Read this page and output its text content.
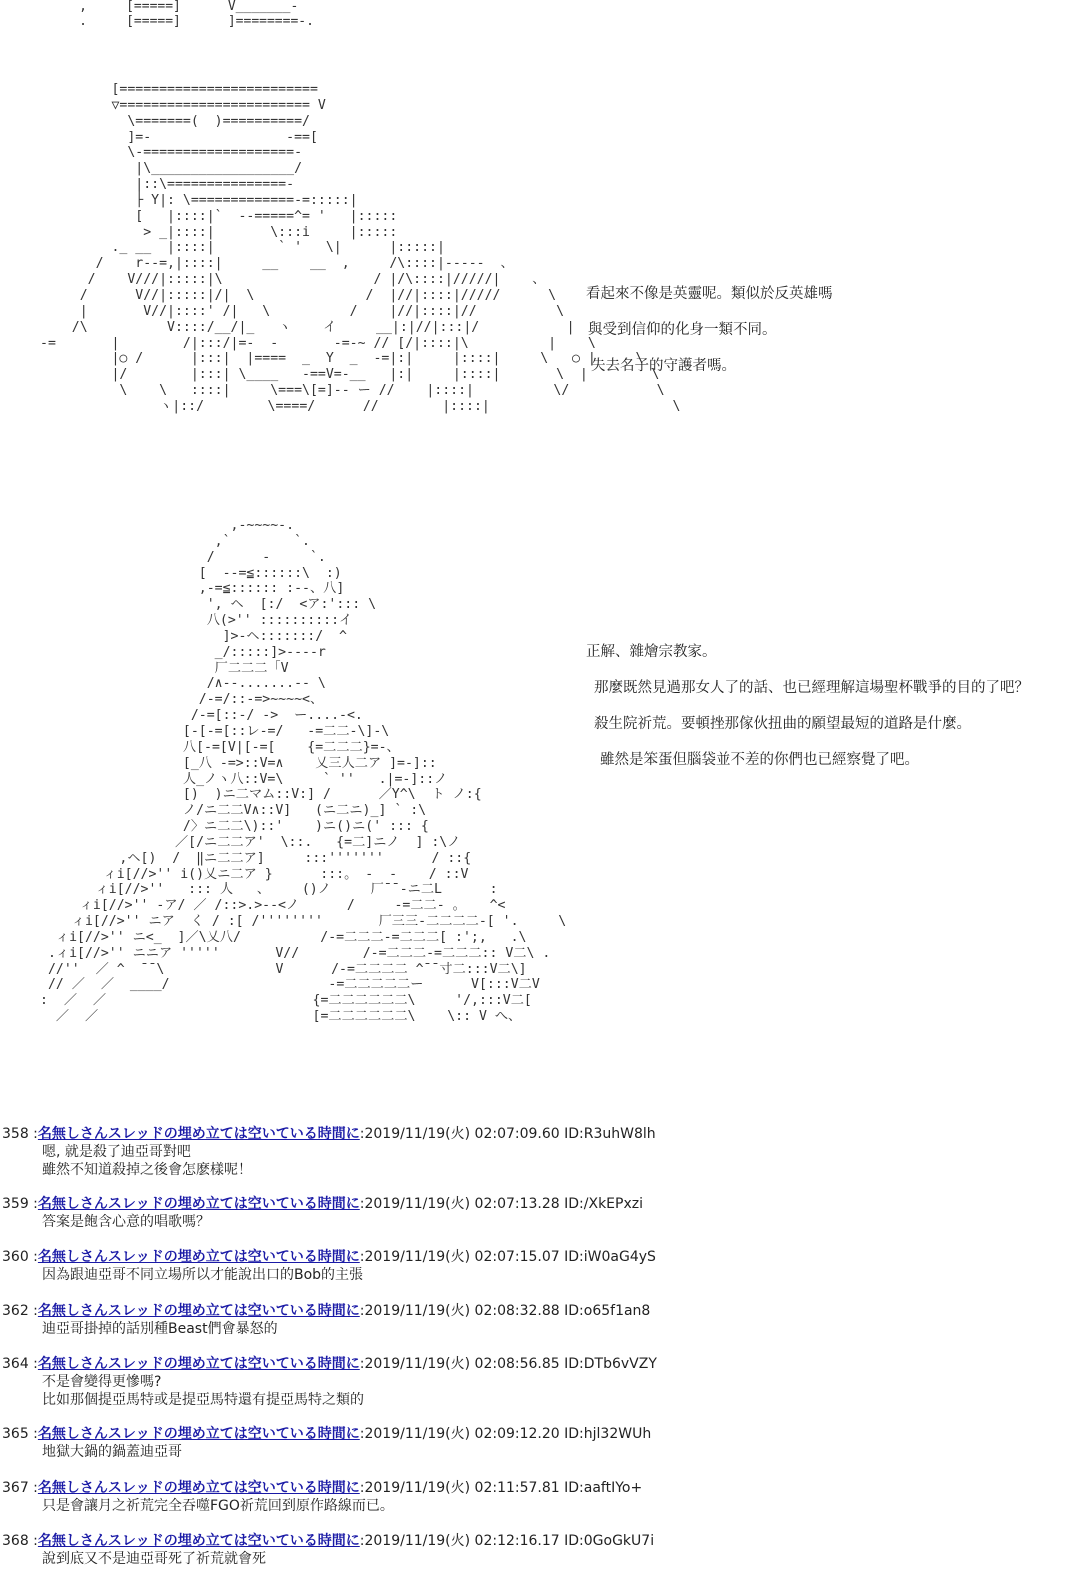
,     [=====]      V_______-
.     [=====]      ]========-.
[=========================
▽======================== V
\=======(  )==========/
]=-                 -==[
\-===================-
|\__________________/
|::\===============-
├ Y|: \=============-=:::::|
[   |::::|`  --=====^= '   |:::::
> _|::::|       \:::i     |:::::
._ __  |::::|        ` '   \|      |:::::|
/    r--=,|::::|     __    __  ,     /\::::|-----  、
/    V///|:::::|\                   / |/\::::|/////|    、
/      V//|:::::|/|  \              /  |//|::::|/////      \
|       V//|::::' /|   \          /    |//|::::|//          \
/\          V::::/__/|_   ヽ    イ     __|:|//|:::|/           |
-=       |        /|:::/|=-  -       -=-~ // [/|::::|\          |    \
|○ /      |:::|  |====  _  Y  _  -=|:|     |::::|     \   ○ |     \
|/        |:::| \____   -==V=-__   |:|     |::::|       \  |        \
\    \   ::::|     \===\[=]-- ー //    |::::|          \/           \
ヽ|::/        \====/      //        |::::|                       \
,-~~~~-.
,`        `.
/      -     `.
[  --=≦::::::\  :)
,-=≦:::::: :--、八]
', ヘ  [:/  <ア:'::: \
八(>'' ::::::::::イ
]>-ヘ:::::::/  ^
_/:::::]>----r
厂二二二「V
/∧--.......-- \
/-=/::-=>~~~~<、
/-=[::-/ ->  ー....-<.
[-[-=[::レ-=/   -=二二-\]-\
八[-=[V|[-=[    {=二二二}=-、
[_八 -=>::V=∧    乂三人二ア ]=-]::
人_ノヽ八::V=\     ` ''   .|=-]::ノ
[)  )ニ二マム::V:] /      ／Y^\  ト ノ:{
ノ/ニ二二V∧::V]   (ニ二ニ)_] ` :\
/〉ニ二二\)::'    )ニ()ニ(' ::: {
／[/ニ二二ア'  \::.   {=二]ニノ  ] :\ノ
,ヘ[)  /  ‖ニ二二ア]     :::'''''''      / ::{
ィi[//>'' i()乂ニ二ア }      :::。 -  -    / ::V
ィi[//>''   ::: 人   、    ()ノ     厂¯¯-ニ二L      :
ィi[//>'' -ア/ ／ /::>.>--<ノ      /     -=二二- 。   ^<
ィi[//>'' ニア  く / :[ /''''''''       厂三三-二二二二-[ '.     \
ィi[//>'' ニ<_  ]／\乂八/          /-=二二二-=二二二[ :';,   .\
.ィi[//>'' ニニア '''''       V//        /-=二二二-=二二二:: V二\ .
//''  ／ ^  ¯¯\              V      /-=二二二二 ^¯¯寸二:::V二\]
// ／  ／  ____/                    -=二二二二二ー      V[:::V二V
:  ／  ／                          {=二二二二二二\     '/,:::V二[
／  ／                           [=二二二二二二\    \:: V へ、
看起來不像是英靈呢。類似於反英雄嗎
與受到信仰的化身一類不同。
失去名子的守護者嗎。
正解、雜燴宗教家。
那麼既然見過那女人了的話、也已經理解這場聖杯戰爭的目的了吧？
殺生院祈荒。要頓挫那傢伙扭曲的願望最短的道路是什麼。
雖然是笨蛋但腦袋並不差的你們也已經察覺了吧。
358 :名無しさんスレッドの埋め立ては空いている時間に:2019/11/19(火) 02:07:09.60 ID:R3uhW8lh
嗯, 就是殺了迪亞哥對吧
雖然不知道殺掉之後會怎麽樣呢！
359 :名無しさんスレッドの埋め立ては空いている時間に:2019/11/19(火) 02:07:13.28 ID:/XkEPxzi
答案是飽含心意的唱歌嗎？
360 :名無しさんスレッドの埋め立ては空いている時間に:2019/11/19(火) 02:07:15.07 ID:iW0aG4yS
因為跟迪亞哥不同立場所以才能說出口的Bob的主張
362 :名無しさんスレッドの埋め立ては空いている時間に:2019/11/19(火) 02:08:32.88 ID:o65f1an8
迪亞哥掛掉的話別種Beast們會暴怒的
364 :名無しさんスレッドの埋め立ては空いている時間に:2019/11/19(火) 02:08:56.85 ID:DTb6vVZY
不是會變得更慘嗎?
比如那個提亞馬特或是提亞馬特還有提亞馬特之類的
365 :名無しさんスレッドの埋め立ては空いている時間に:2019/11/19(火) 02:09:12.20 ID:hjl32WUh
地獄大鍋的鍋蓋迪亞哥
367 :名無しさんスレッドの埋め立ては空いている時間に:2019/11/19(火) 02:11:57.81 ID:aaftIYo+
只是會讓月之祈荒完全吞噬FGO祈荒回到原作路線而已。
368 :名無しさんスレッドの埋め立ては空いている時間に:2019/11/19(火) 02:12:16.17 ID:0GoGkU7i
說到底又不是迪亞哥死了祈荒就會死
